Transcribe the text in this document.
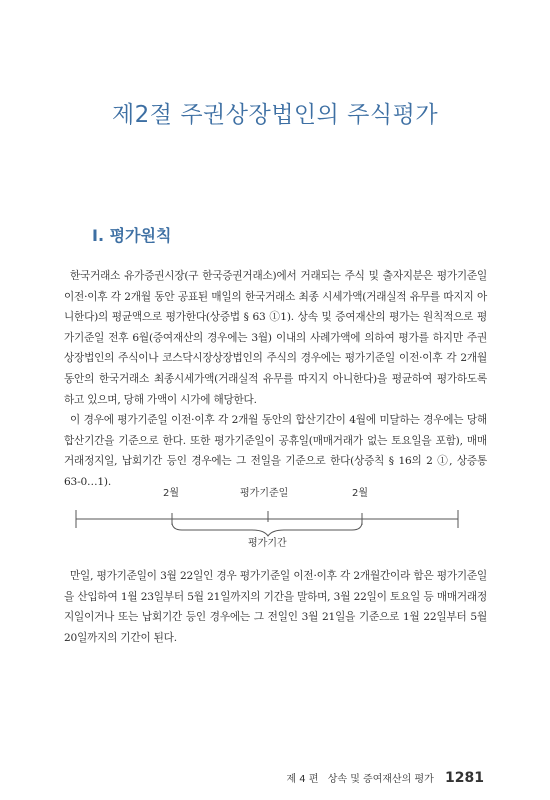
제2절 주권상장법인의 주식평가
Ⅰ. 평가원칙

한국거래소 유가증권시장(구 한국증권거래소)에서 거래되는 주식 및 출자지분은 평가기준일 이전·이후 각 2개월 동안 공표된 매일의 한국거래소 최종 시세가액(거래실적 유무를 따지지 아니한다)의 평균액으로 평가한다(상증법 § 63 ①1). 상속 및 증여재산의 평가는 원칙적으로 평가기준일 전후 6월(증여재산의 경우에는 3월) 이내의 사례가액에 의하여 평가를 하지만 주권상장법인의 주식이나 코스닥시장상장법인의 주식의 경우에는 평가기준일 이전·이후 각 2개월 동안의 한국거래소 최종시세가액(거래실적 유무를 따지지 아니한다)을 평균하여 평가하도록 하고 있으며, 당해 가액이 시가에 해당한다.

이 경우에 평가기준일 이전·이후 각 2개월 동안의 합산기간이 4월에 미달하는 경우에는 당해 합산기간을 기준으로 한다. 또한 평가기준일이 공휴일(매매거래가 없는 토요일을 포함), 매매거래정지일, 납회기간 등인 경우에는 그 전일을 기준으로 한다(상증칙 § 16의 2 ①, 상증통 63-0…1).

2월	평가기준일	2월
평가기간

만일, 평가기준일이 3월 22일인 경우 평가기준일 이전·이후 각 2개월간이라 함은 평가기준일을 산입하여 1월 23일부터 5월 21일까지의 기간을 말하며, 3월 22일이 토요일 등 매매거래정지일이거나 또는 납회기간 등인 경우에는 그 전일인 3월 21일을 기준으로 1월 22일부터 5월 20일까지의 기간이 된다.

제 4 편 상속 및 증여재산의 평가 1281
